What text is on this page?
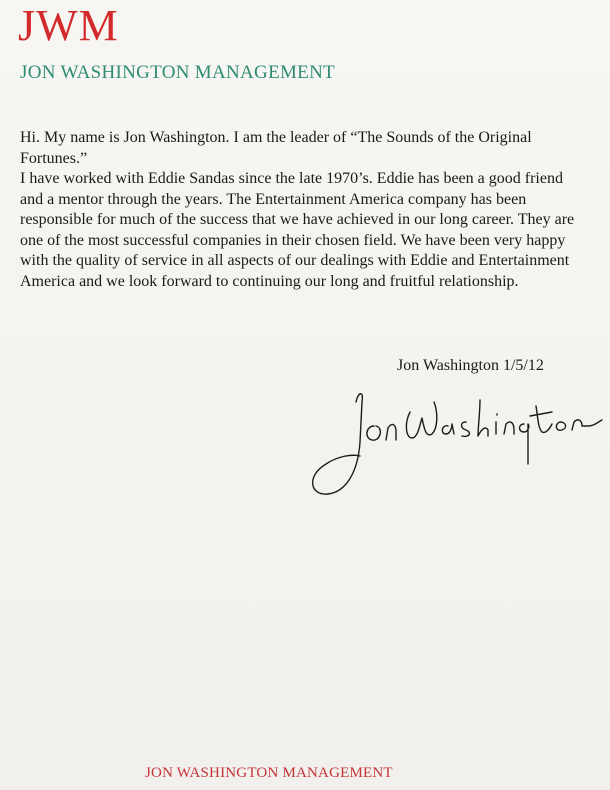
JWM
JON WASHINGTON MANAGEMENT

Hi. My name is Jon Washington. I am the leader of “The Sounds of the Original Fortunes.”

I have worked with Eddie Sandas since the late 1970’s. Eddie has been a good friend and a mentor through the years. The Entertainment America company has been responsible for much of the success that we have achieved in our long career. They are one of the most successful companies in their chosen field. We have been very happy with the quality of service in all aspects of our dealings with Eddie and Entertainment America and we look forward to continuing our long and fruitful relationship.

Jon Washington 1/5/12
JON WASHINGTON MANAGEMENT
